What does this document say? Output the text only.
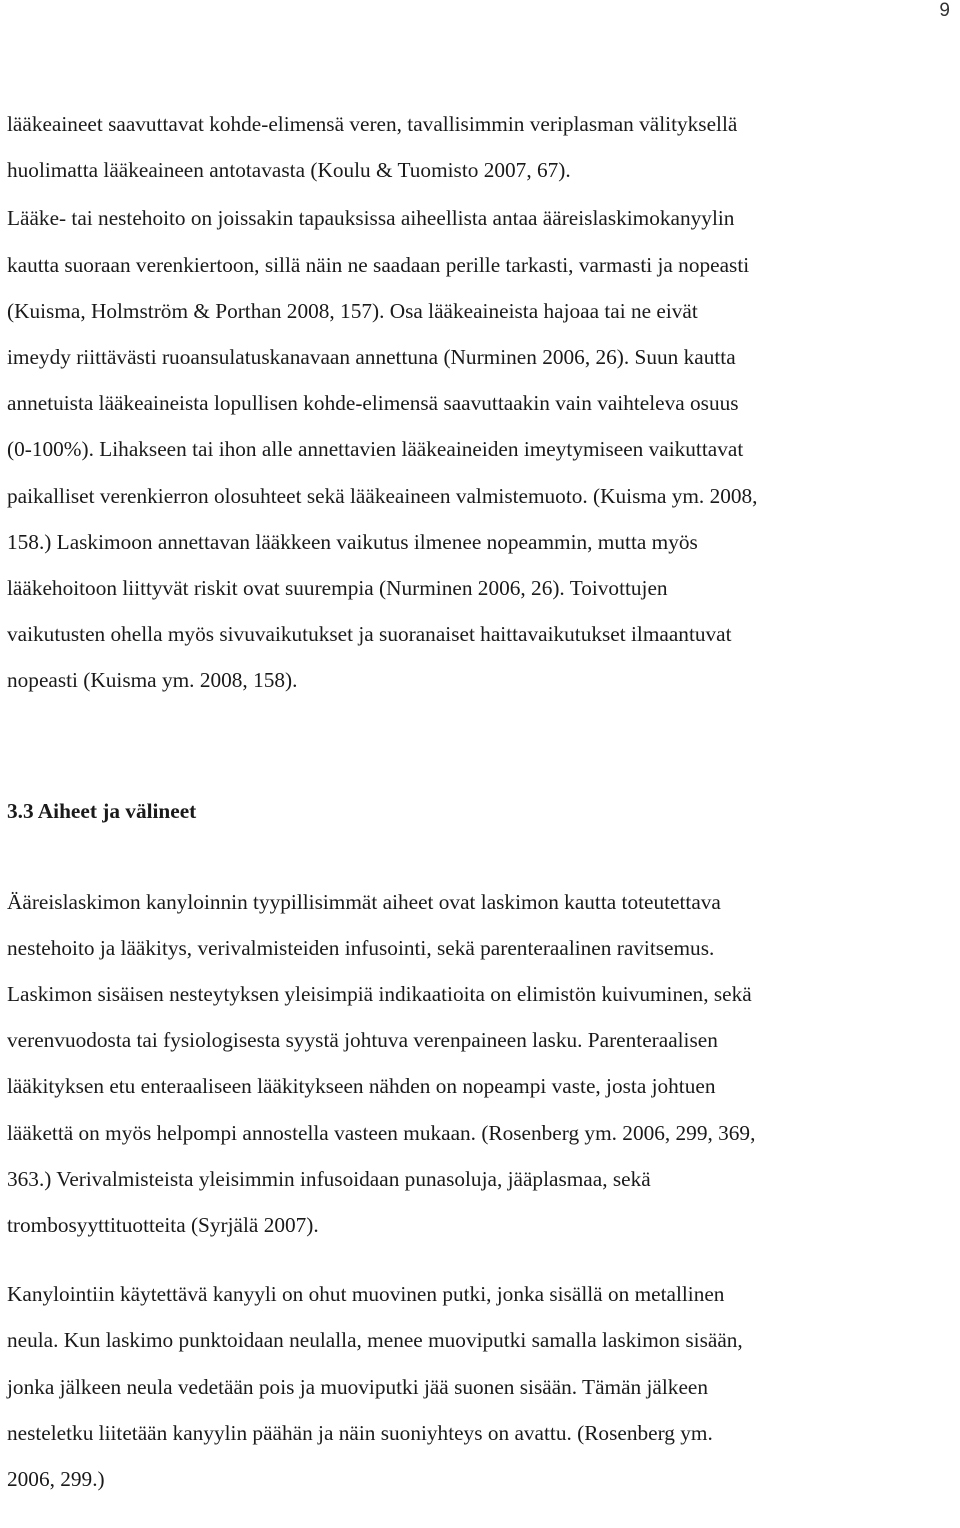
9

lääkeaineet saavuttavat kohde-elimensä veren, tavallisimmin veriplasman välityksellä
huolimatta lääkeaineen antotavasta (Koulu & Tuomisto 2007, 67).

Lääke- tai nestehoito on joissakin tapauksissa aiheellista antaa ääreislaskimokanyylin
kautta suoraan verenkiertoon, sillä näin ne saadaan perille tarkasti, varmasti ja nopeasti
(Kuisma, Holmström & Porthan 2008, 157). Osa lääkeaineista hajoaa tai ne eivät
imeydy riittävästi ruoansulatuskanavaan annettuna (Nurminen 2006, 26). Suun kautta
annetuista lääkeaineista lopullisen kohde-elimensä saavuttaakin vain vaihteleva osuus
(0-100%). Lihakseen tai ihon alle annettavien lääkeaineiden imeytymiseen vaikuttavat
paikalliset verenkierron olosuhteet sekä lääkeaineen valmistemuoto. (Kuisma ym. 2008,
158.) Laskimoon annettavan lääkkeen vaikutus ilmenee nopeammin, mutta myös
lääkehoitoon liittyvät riskit ovat suurempia (Nurminen 2006, 26). Toivottujen
vaikutusten ohella myös sivuvaikutukset ja suoranaiset haittavaikutukset ilmaantuvat
nopeasti (Kuisma ym. 2008, 158).

3.3 Aiheet ja välineet

Ääreislaskimon kanyloinnin tyypillisimmät aiheet ovat laskimon kautta toteutettava
nestehoito ja lääkitys, verivalmisteiden infusointi, sekä parenteraalinen ravitsemus.
Laskimon sisäisen nesteytyksen yleisimpiä indikaatioita on elimistön kuivuminen, sekä
verenvuodosta tai fysiologisesta syystä johtuva verenpaineen lasku. Parenteraalisen
lääkityksen etu enteraaliseen lääkitykseen nähden on nopeampi vaste, josta johtuen
lääkettä on myös helpompi annostella vasteen mukaan. (Rosenberg ym. 2006, 299, 369,
363.) Verivalmisteista yleisimmin infusoidaan punasoluja, jääplasmaa, sekä
trombosyyttituotteita (Syrjälä 2007).

Kanylointiin käytettävä kanyyli on ohut muovinen putki, jonka sisällä on metallinen
neula. Kun laskimo punktoidaan neulalla, menee muoviputki samalla laskimon sisään,
jonka jälkeen neula vedetään pois ja muoviputki jää suonen sisään. Tämän jälkeen
nesteletku liitetään kanyylin päähän ja näin suoniyhteys on avattu. (Rosenberg ym.
2006, 299.)
